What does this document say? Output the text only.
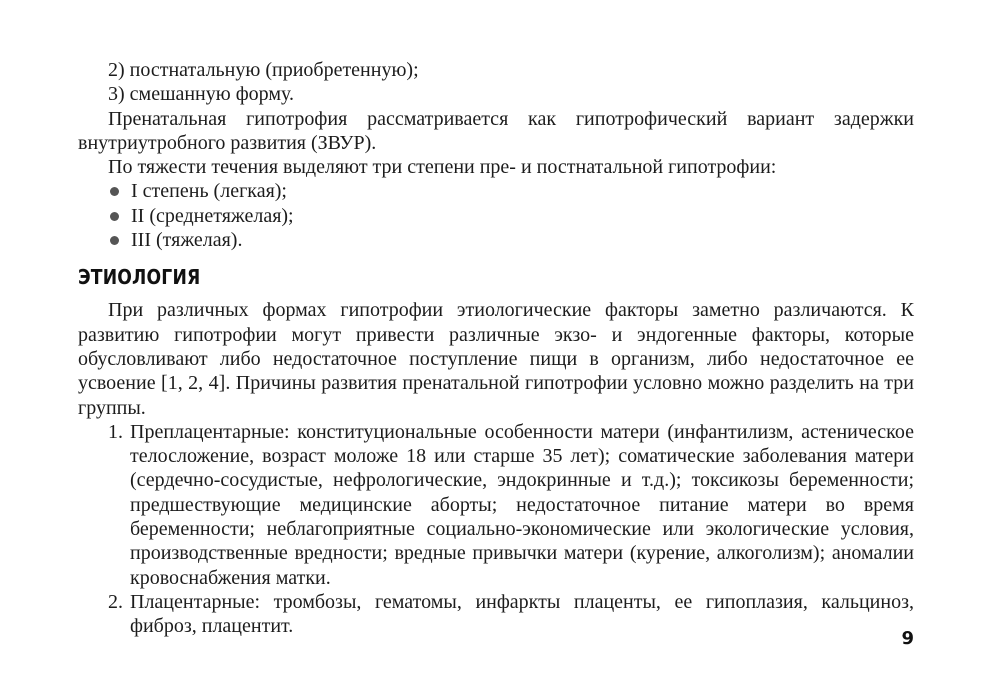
2) постнатальную (приобретенную);
3) смешанную форму.
Пренатальная гипотрофия рассматривается как гипотрофический вариант задержки внутриутробного развития (ЗВУР).
По тяжести течения выделяют три степени пре- и постнатальной гипотрофии:
I степень (легкая);
II (среднетяжелая);
III (тяжелая).
ЭТИОЛОГИЯ
При различных формах гипотрофии этиологические факторы заметно различаются. К развитию гипотрофии могут привести различные экзо- и эндогенные факторы, которые обусловливают либо недостаточное поступление пищи в организм, либо недостаточное ее усвоение [1, 2, 4]. Причины развития пренатальной гипотрофии условно можно разделить на три группы.
1. Преплацентарные: конституциональные особенности матери (инфантилизм, астеническое телосложение, возраст моложе 18 или старше 35 лет); соматические заболевания матери (сердечно-сосудистые, нефрологические, эндокринные и т.д.); токсикозы беременности; предшествующие медицинские аборты; недостаточное питание матери во время беременности; неблагоприятные социально-экономические или экологические условия, производственные вредности; вредные привычки матери (курение, алкоголизм); аномалии кровоснабжения матки.
2. Плацентарные: тромбозы, гематомы, инфаркты плаценты, ее гипоплазия, кальциноз, фиброз, плацентит.
9
